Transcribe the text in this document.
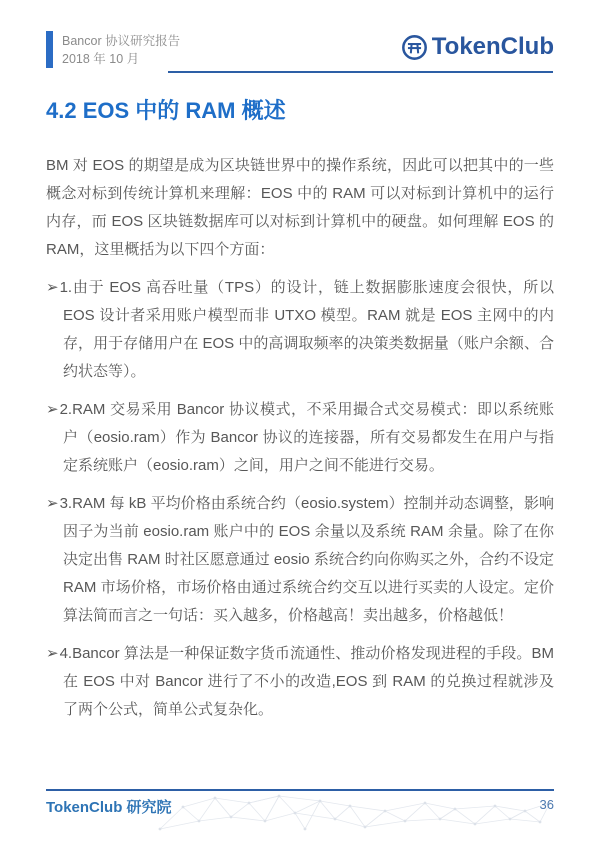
Bancor 协议研究报告
2018 年 10 月	TokenClub
4.2 EOS 中的 RAM 概述

BM 对 EOS 的期望是成为区块链世界中的操作系统，因此可以把其中的一些概念对标到传统计算机来理解：EOS 中的 RAM 可以对标到计算机中的运行内存，而 EOS 区块链数据库可以对标到计算机中的硬盘。如何理解 EOS 的 RAM，这里概括为以下四个方面：

➢1.由于 EOS 高吞吐量（TPS）的设计，链上数据膨胀速度会很快，所以 EOS 设计者采用账户模型而非 UTXO 模型。RAM 就是 EOS 主网中的内存，用于存储用户在 EOS 中的高调取频率的决策类数据量（账户余额、合约状态等）。
➢2.RAM 交易采用 Bancor 协议模式，不采用撮合式交易模式：即以系统账户（eosio.ram）作为 Bancor 协议的连接器，所有交易都发生在用户与指定系统账户（eosio.ram）之间，用户之间不能进行交易。
➢3.RAM 每 kB 平均价格由系统合约（eosio.system）控制并动态调整，影响因子为当前 eosio.ram 账户中的 EOS 余量以及系统 RAM 余量。除了在你决定出售 RAM 时社区愿意通过 eosio 系统合约向你购买之外，合约不设定 RAM 市场价格，市场价格由通过系统合约交互以进行买卖的人设定。定价算法简而言之一句话：买入越多，价格越高！卖出越多，价格越低！
➢4.Bancor 算法是一种保证数字货币流通性、推动价格发现进程的手段。BM 在 EOS 中对 Bancor 进行了不小的改造,EOS 到 RAM 的兑换过程就涉及了两个公式，简单公式复杂化。
TokenClub 研究院	36
